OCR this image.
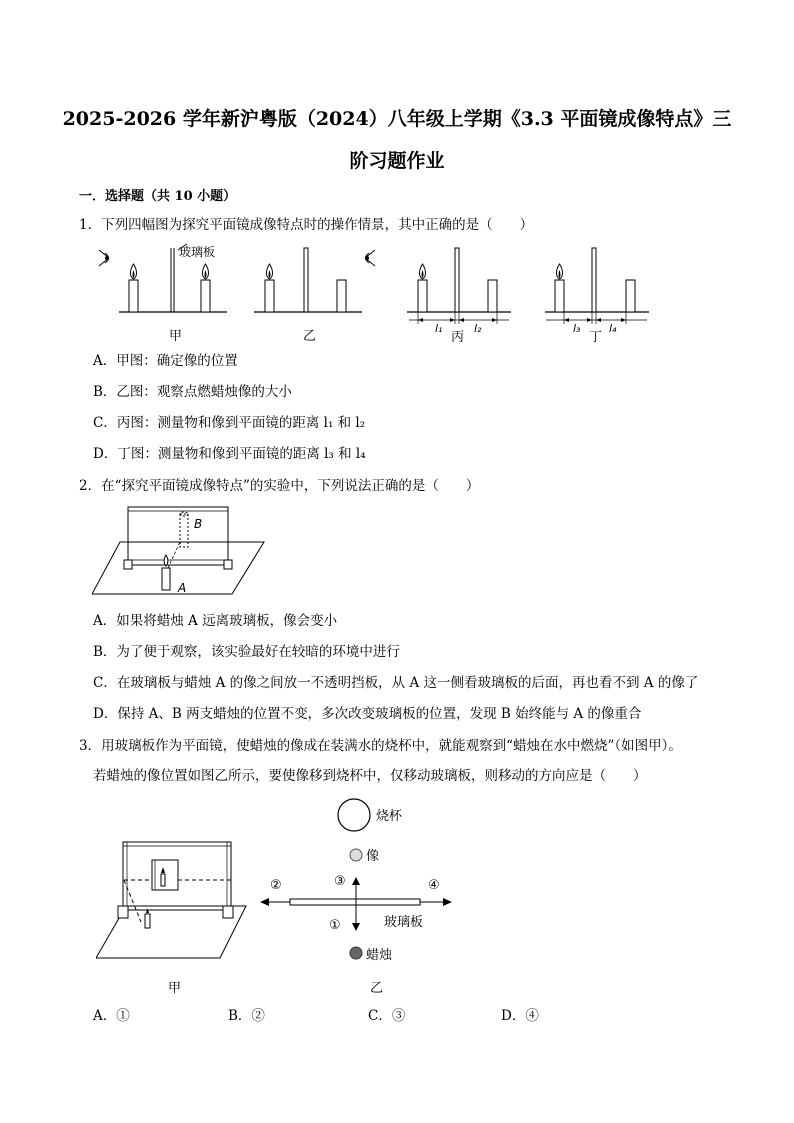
2025-2026 学年新沪粤版（2024）八年级上学期《3.3 平面镜成像特点》三
阶习题作业
一．选择题（共 10 小题）
1．下列四幅图为探究平面镜成像特点时的操作情景，其中正确的是（　　）
玻璃板
甲	乙
l₁	l₂
丙
l₃	l₄
丁
A．甲图：确定像的位置
B．乙图：观察点燃蜡烛像的大小
C．丙图：测量物和像到平面镜的距离 l₁ 和 l₂
D．丁图：测量物和像到平面镜的距离 l₃ 和 l₄
2．在“探究平面镜成像特点”的实验中，下列说法正确的是（　　）
B
A
A．如果将蜡烛 A 远离玻璃板，像会变小
B．为了便于观察，该实验最好在较暗的环境中进行
C．在玻璃板与蜡烛 A 的像之间放一不透明挡板，从 A 这一侧看玻璃板的后面，再也看不到 A 的像了
D．保持 A、B 两支蜡烛的位置不变，多次改变玻璃板的位置，发现 B 始终能与 A 的像重合
3．用玻璃板作为平面镜，使蜡烛的像成在装满水的烧杯中，就能观察到“蜡烛在水中燃烧”（如图甲）。
若蜡烛的像位置如图乙所示，要使像移到烧杯中，仅移动玻璃板，则移动的方向应是（　　）
甲
烧杯
像
②	③	④
①	玻璃板
蜡烛
乙
A．①	B．②	C．③	D．④
